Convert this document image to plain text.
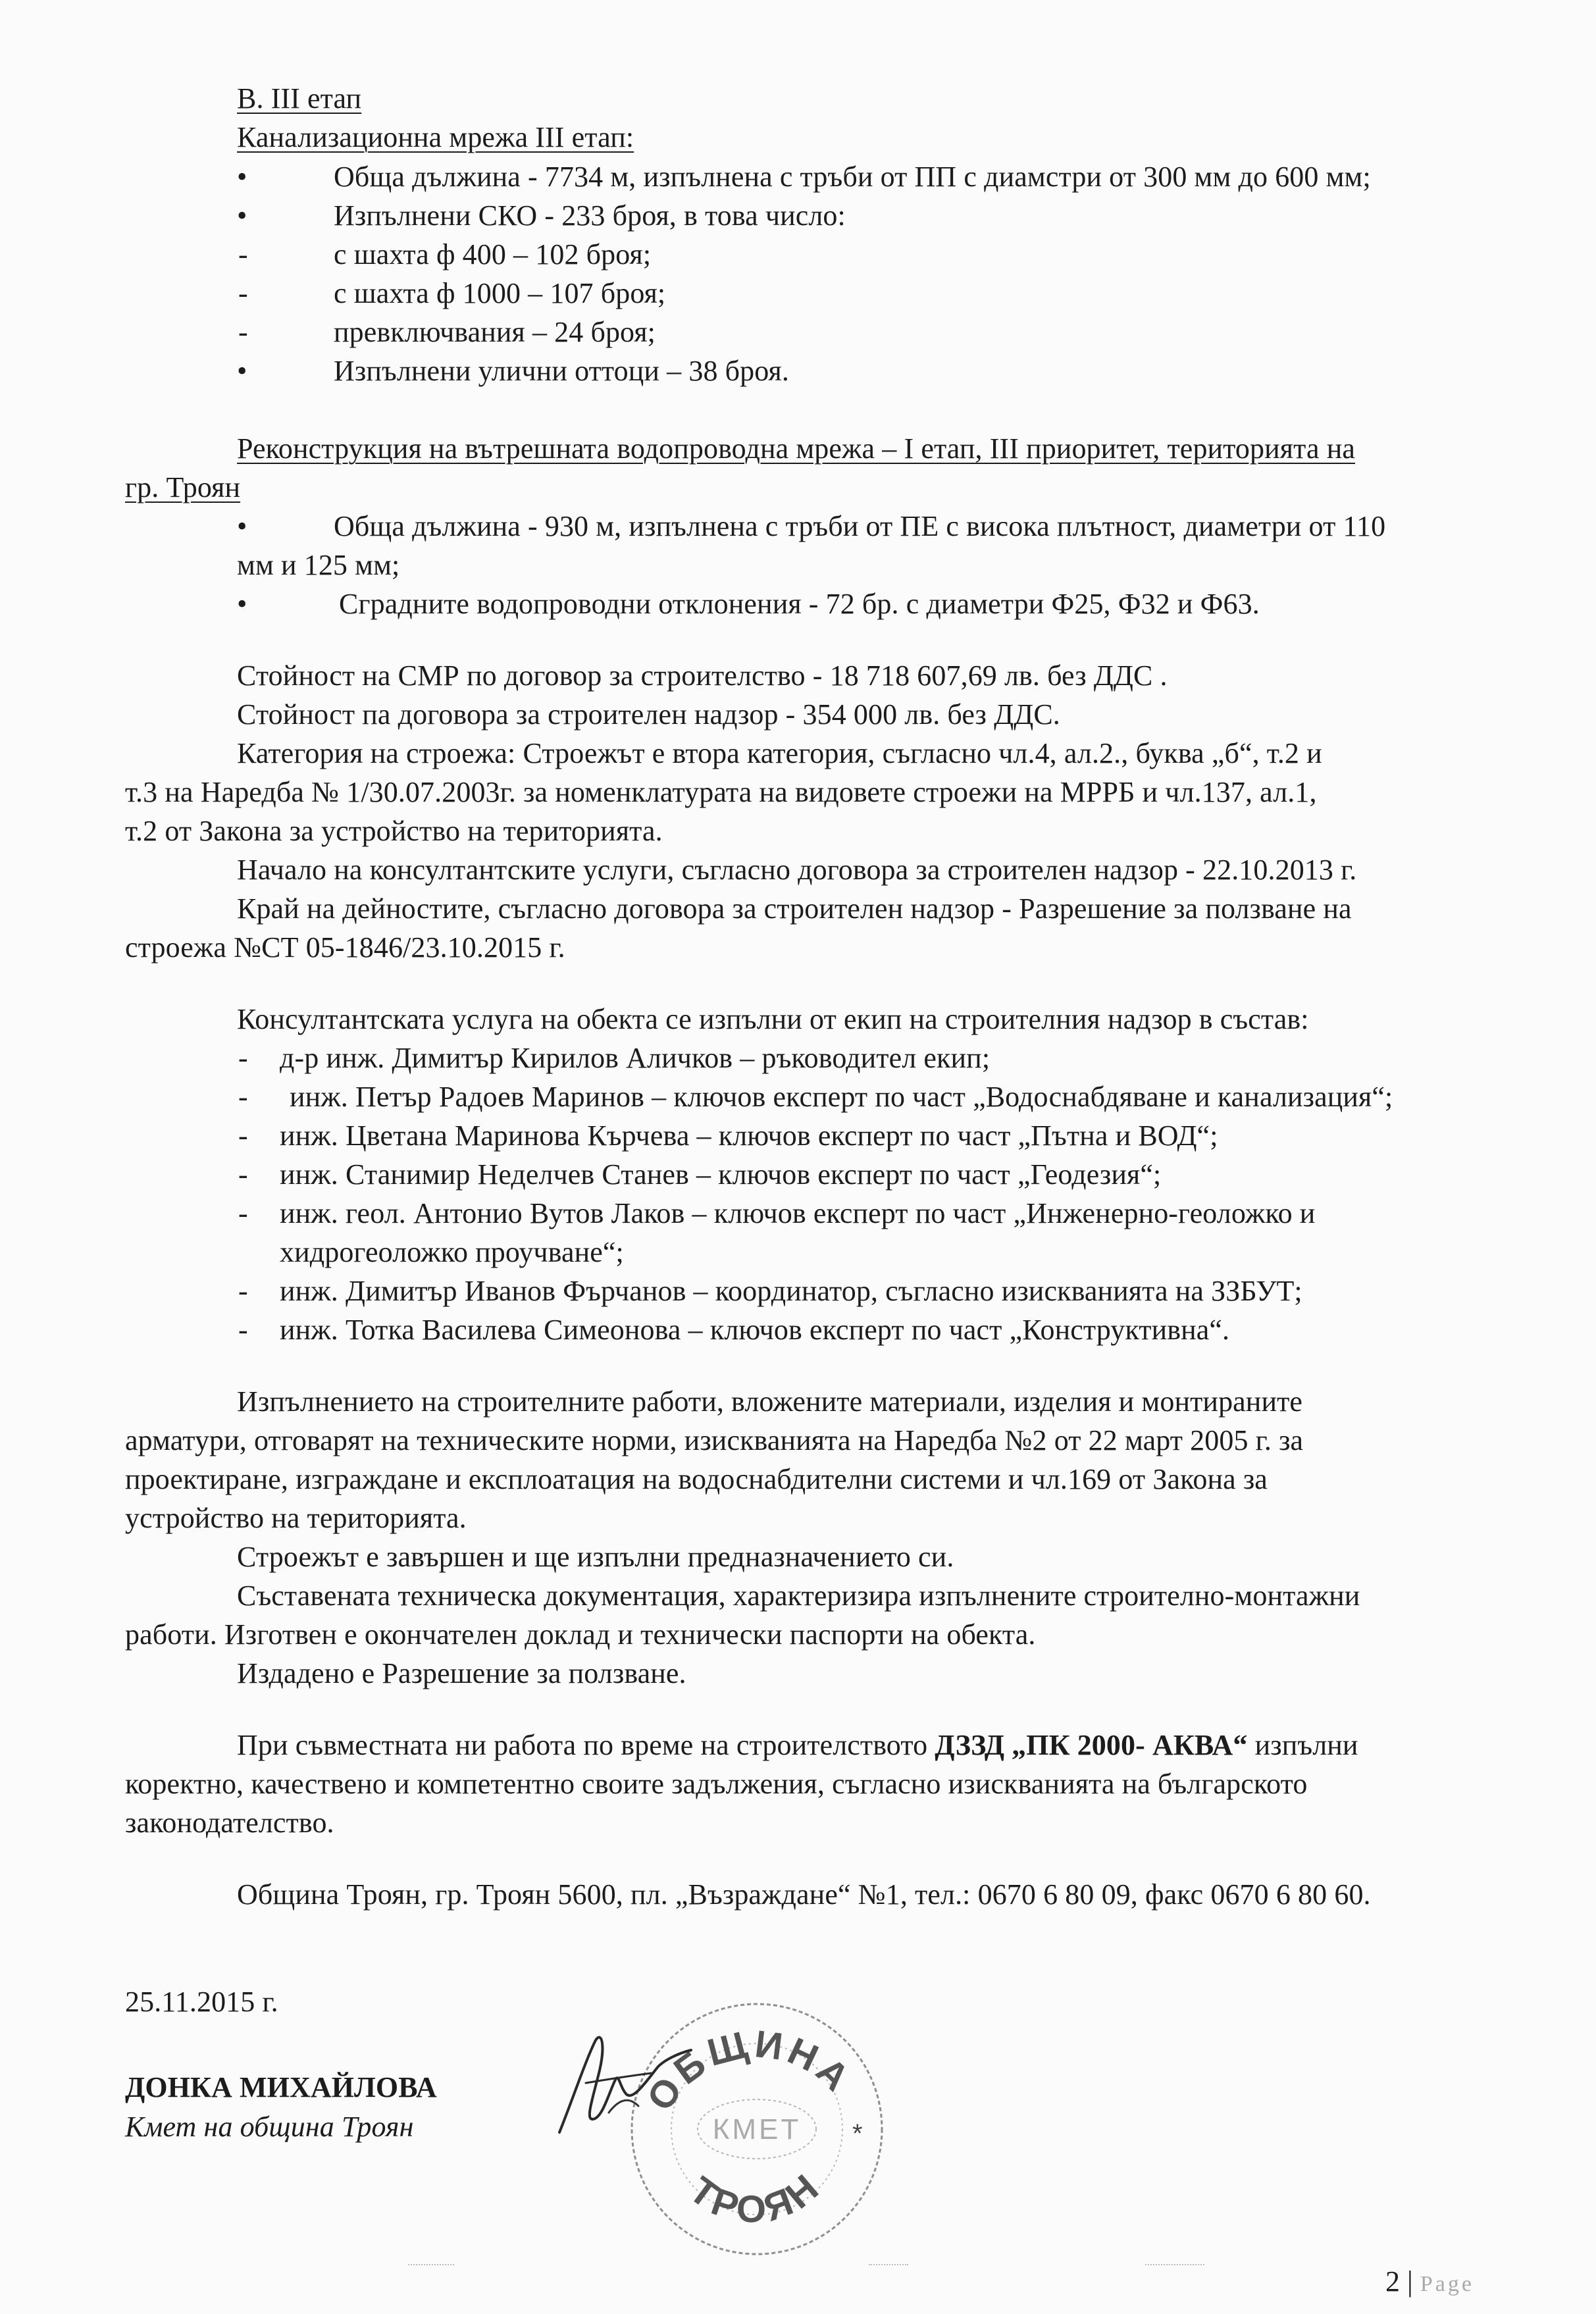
В. III етап
Канализационна мрежа III етап:
•	Обща дължина - 7734 м, изпълнена с тръби от ПП с диамстри от 300 мм до 600 мм;
•	Изпълнени СКО - 233 броя, в това число:
-	с шахта ф 400 – 102 броя;
-	с шахта ф 1000 – 107 броя;
-	превключвания – 24 броя;
•	Изпълнени улични оттоци – 38 броя.
Реконструкция на вътрешната водопроводна мрежа – I етап, III приоритет, територията на
гр. Троян
•	Обща дължина - 930 м, изпълнена с тръби от ПЕ с висока плътност, диаметри от 110
мм и 125 мм;
•	Сградните водопроводни отклонения - 72 бр. с диаметри Ф25, Ф32 и Ф63.
Стойност на СМР по договор за строителство - 18 718 607,69 лв. без ДДС .
Стойност па договора за строителен надзор - 354 000 лв. без ДДС.
Категория на строежа: Строежът е втора категория, съгласно чл.4, ал.2., буква „б“, т.2 и
т.3 на Наредба № 1/30.07.2003г. за номенклатурата на видовете строежи на МРРБ и чл.137, ал.1,
т.2 от Закона за устройство на територията.
Начало на консултантските услуги, съгласно договора за строителен надзор - 22.10.2013 г.
Край на дейностите, съгласно договора за строителен надзор - Разрешение за ползване на
строежа №СТ 05-1846/23.10.2015 г.
Консултантската услуга на обекта се изпълни от екип на строителния надзор в състав:
- д-р инж. Димитър Кирилов Аличков – ръководител екип;
- инж. Петър Радоев Маринов – ключов експерт по част „Водоснабдяване и канализация“;
- инж. Цветана Маринова Кърчева – ключов експерт по част „Пътна и ВОД“;
- инж. Станимир Неделчев Станев – ключов експерт по част „Геодезия“;
- инж. геол. Антонио Вутов Лаков – ключов експерт по част „Инженерно-геоложко и
хидрогеоложко проучване“;
- инж. Димитър Иванов Фърчанов – координатор, съгласно изискванията на ЗЗБУТ;
- инж. Тотка Василева Симеонова – ключов експерт по част „Конструктивна“.
Изпълнението на строителните работи, вложените материали, изделия и монтираните
арматури, отговарят на техническите норми, изискванията на Наредба №2 от 22 март 2005 г. за
проектиране, изграждане и експлоатация на водоснабдителни системи и чл.169 от Закона за
устройство на територията.
Строежът е завършен и ще изпълни предназначението си.
Съставената техническа документация, характеризира изпълнените строително-монтажни
работи. Изготвен е окончателен доклад и технически паспорти на обекта.
Издадено е Разрешение за ползване.
При съвместната ни работа по време на строителството ДЗЗД „ПК 2000- АКВА“ изпълни
коректно, качествено и компетентно своите задължения, съгласно изискванията на българското
законодателство.
Община Троян, гр. Троян 5600, пл. „Възраждане“ №1, тел.: 0670 6 80 09, факс 0670 6 80 60.
25.11.2015 г.
ДОНКА МИХАЙЛОВА
Кмет на община Троян
ОБЩИНА
КМЕТ
ТРОЯН
*
2 | Page
